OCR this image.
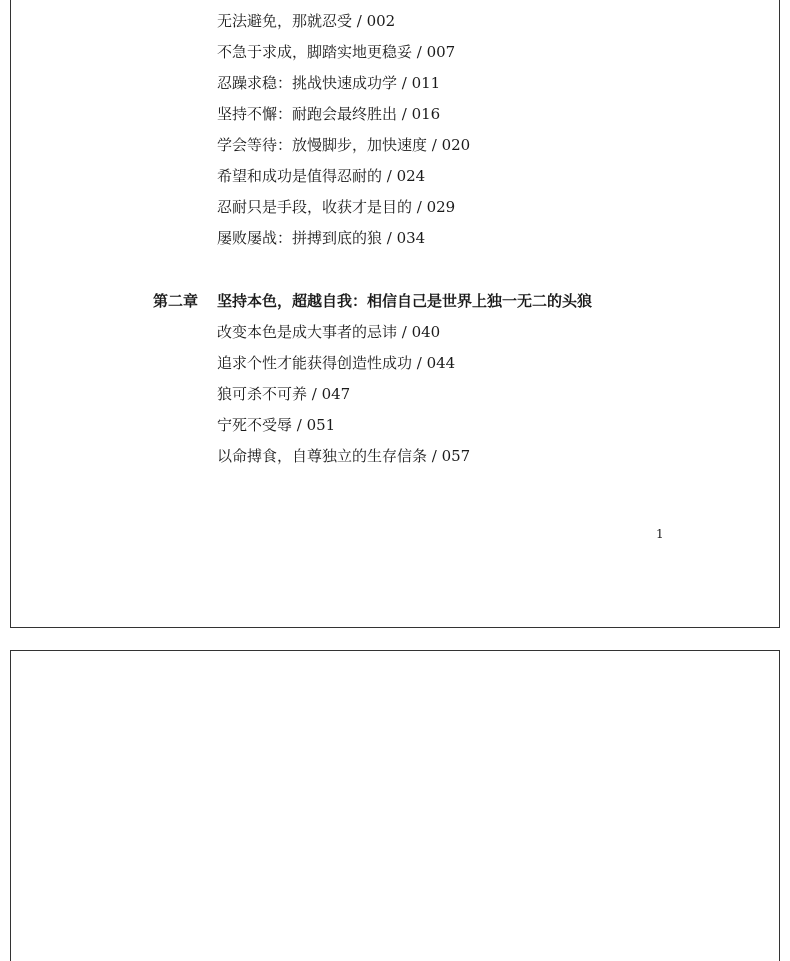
无法避免，那就忍受 / 002
不急于求成，脚踏实地更稳妥 / 007
忍躁求稳：挑战快速成功学 / 011
坚持不懈：耐跑会最终胜出 / 016
学会等待：放慢脚步，加快速度 / 020
希望和成功是值得忍耐的 / 024
忍耐只是手段，收获才是目的 / 029
屡败屡战：拼搏到底的狼 / 034
第二章 坚持本色，超越自我：相信自己是世界上独一无二的头狼
改变本色是成大事者的忌讳 / 040
追求个性才能获得创造性成功 / 044
狼可杀不可养 / 047
宁死不受辱 / 051
以命搏食，自尊独立的生存信条 / 057
1
